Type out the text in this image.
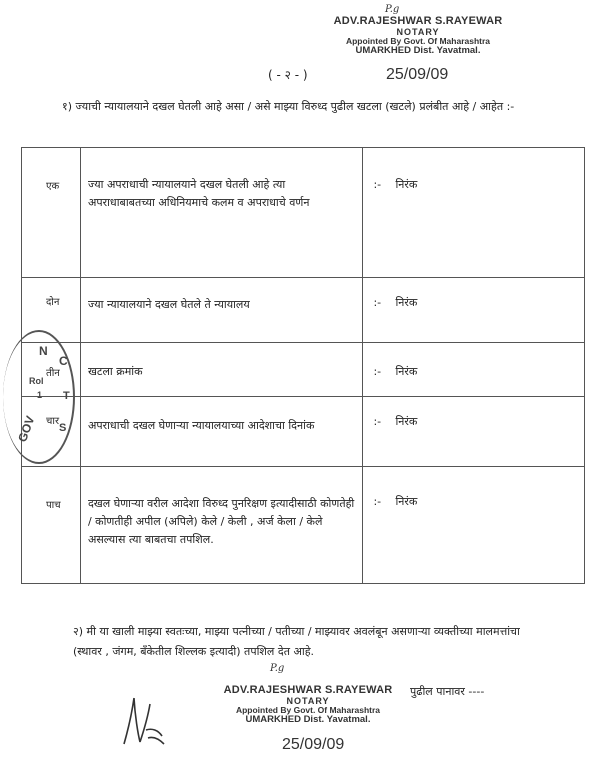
P.g
ADV.RAJESHWAR S.RAYEWAR
NOTARY
Appointed By Govt. Of Maharashtra
UMARKHED Dist. Yavatmal.
25/09/09
( - २ - )
१) ज्याची न्यायालयाने दखल घेतली आहे असा / असे माझ्या विरुध्द पुढील खटला (खटले) प्रलंबीत आहे / आहेत :-
एक	ज्या अपराधाची न्यायालयाने दखल घेतली आहे त्या अपराधाबाबतच्या अधिनियमाचे कलम व अपराधाचे वर्णन	:- निरंक
दोन	ज्या न्यायालयाने दखल घेतले ते न्यायालय	:- निरंक
तीन	खटला क्रमांक	:- निरंक
चार	अपराधाची दखल घेणाऱ्या न्यायालयाच्या आदेशाचा दिनांक	:- निरंक
पाच	दखल घेणाऱ्या वरील आदेशा विरुध्द पुनरिक्षण इत्यादीसाठी कोणतेही / कोणतीही अपील (अपिले) केले / केली , अर्ज केला / केले असल्यास त्या बाबतचा तपशिल.	:- निरंक
N
C
Rol
GOV
1 T
S
२) मी या खाली माझ्या स्वतःच्या, माझ्या पत्नीच्या / पतीच्या / माझ्यावर अवलंबून असणाऱ्या व्यक्तीच्या मालमत्तांचा (स्थावर , जंगम, बँकेतील शिल्लक इत्यादी) तपशिल देत आहे.
P.g
ADV.RAJESHWAR S.RAYEWAR
NOTARY
Appointed By Govt. Of Maharashtra
UMARKHED Dist. Yavatmal.
25/09/09
पुढील पानावर ----
